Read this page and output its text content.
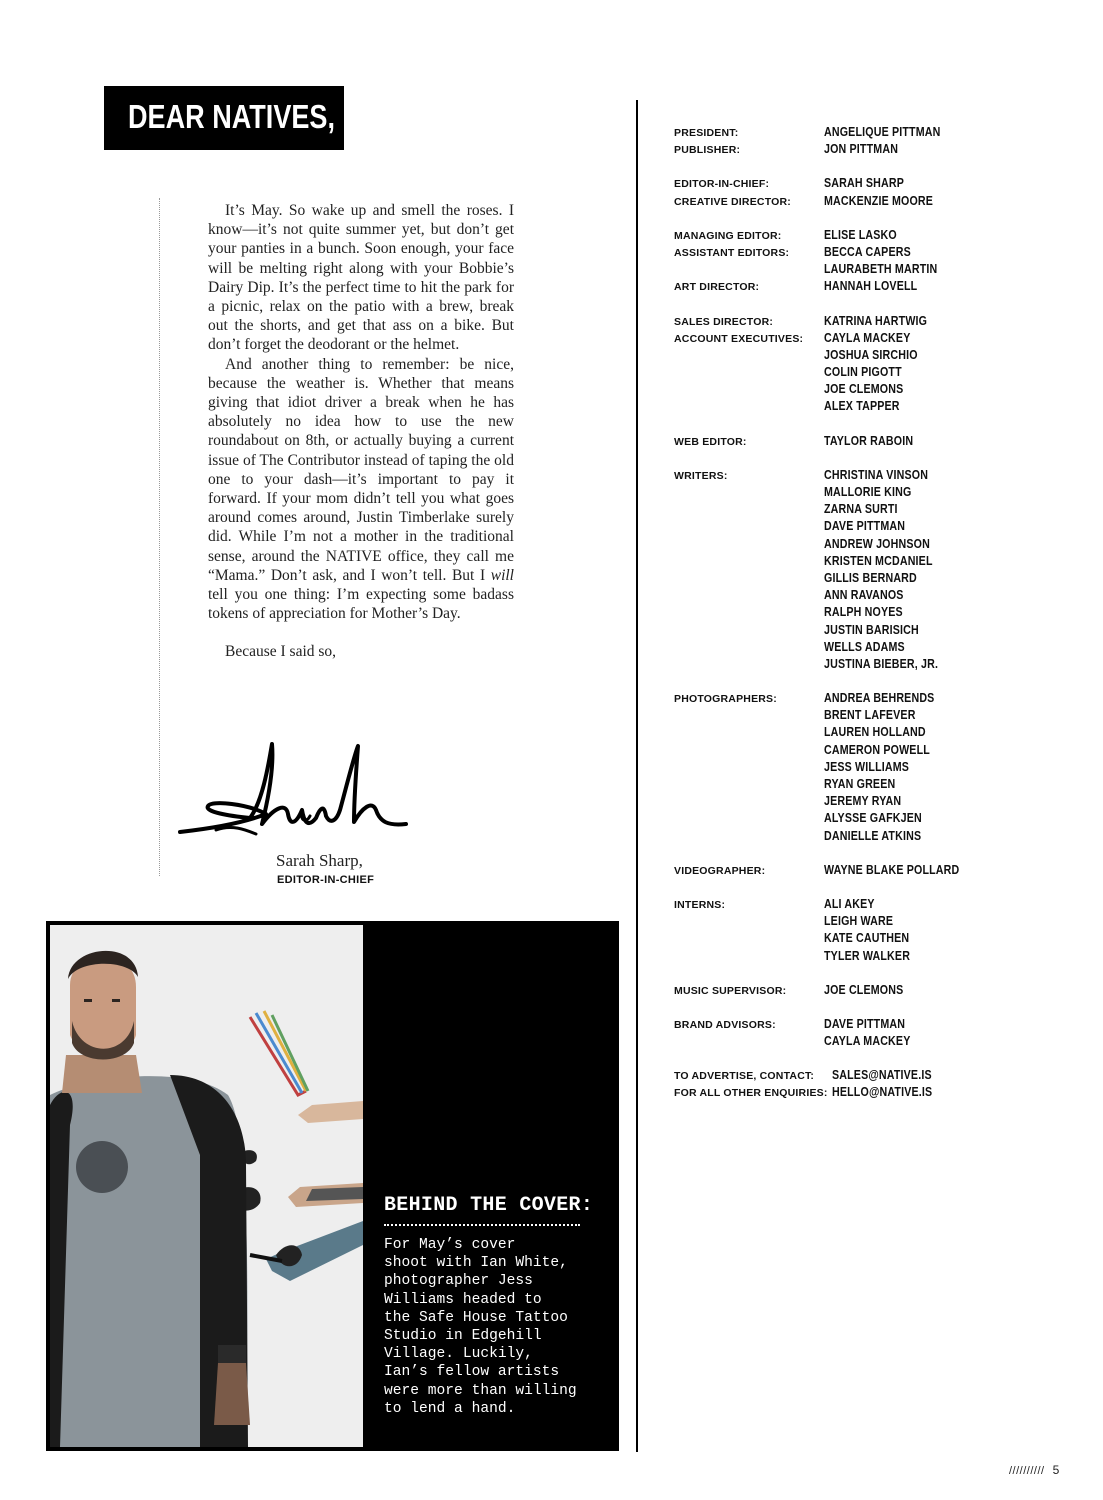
DEAR NATIVES,

It’s May. So wake up and smell the roses. I know—it’s not quite summer yet, but don’t get your panties in a bunch. Soon enough, your face will be melting right along with your Bobbie’s Dairy Dip. It’s the perfect time to hit the park for a picnic, relax on the patio with a brew, break out the shorts, and get that ass on a bike. But don’t forget the deodorant or the helmet.

And another thing to remember: be nice, because the weather is. Whether that means giving that idiot driver a break when he has absolutely no idea how to use the new roundabout on 8th, or actually buying a current issue of The Contributor instead of taping the old one to your dash—it’s important to pay it forward. If your mom didn’t tell you what goes around comes around, Justin Timberlake surely did. While I’m not a mother in the traditional sense, around the NATIVE office, they call me “Mama.” Don’t ask, and I won’t tell. But I will tell you one thing: I’m expecting some badass tokens of appreciation for Mother’s Day.

Because I said so,

Sarah Sharp,
EDITOR-IN-CHIEF
PRESIDENT:	ANGELIQUE PITTMAN
PUBLISHER:	JON PITTMAN
EDITOR-IN-CHIEF:	SARAH SHARP
CREATIVE DIRECTOR:	MACKENZIE MOORE
MANAGING EDITOR:	ELISE LASKO
ASSISTANT EDITORS:	BECCA CAPERS
LAURABETH MARTIN
ART DIRECTOR:	HANNAH LOVELL
SALES DIRECTOR:	KATRINA HARTWIG
ACCOUNT EXECUTIVES:	CAYLA MACKEY
JOSHUA SIRCHIO
COLIN PIGOTT
JOE CLEMONS
ALEX TAPPER
WEB EDITOR:	TAYLOR RABOIN
WRITERS:	CHRISTINA VINSON
MALLORIE KING
ZARNA SURTI
DAVE PITTMAN
ANDREW JOHNSON
KRISTEN MCDANIEL
GILLIS BERNARD
ANN RAVANOS
RALPH NOYES
JUSTIN BARISICH
WELLS ADAMS
JUSTINA BIEBER, JR.
PHOTOGRAPHERS:	ANDREA BEHRENDS
BRENT LAFEVER
LAUREN HOLLAND
CAMERON POWELL
JESS WILLIAMS
RYAN GREEN
JEREMY RYAN
ALYSSE GAFKJEN
DANIELLE ATKINS
VIDEOGRAPHER:	WAYNE BLAKE POLLARD
INTERNS:	ALI AKEY
LEIGH WARE
KATE CAUTHEN
TYLER WALKER
MUSIC SUPERVISOR:	JOE CLEMONS
BRAND ADVISORS:	DAVE PITTMAN
CAYLA MACKEY
TO ADVERTISE, CONTACT:	SALES@NATIVE.IS
FOR ALL OTHER ENQUIRIES: HELLO@NATIVE.IS
BEHIND THE COVER:
For May’s cover
shoot with Ian White,
photographer Jess
Williams headed to
the Safe House Tattoo
Studio in Edgehill
Village. Luckily,
Ian’s fellow artists
were more than willing
to lend a hand.
////////// 5
